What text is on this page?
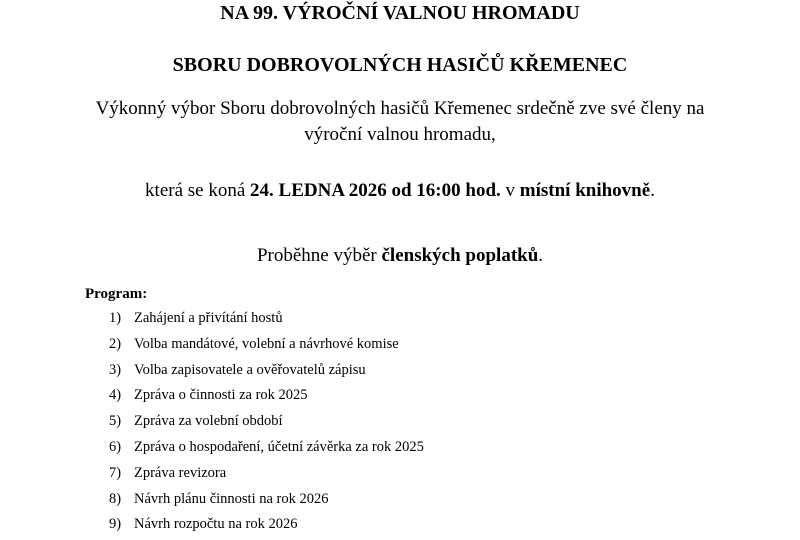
NA 99. VÝROČNÍ VALNOU HROMADU
SBORU DOBROVOLNÝCH HASIČŮ KŘEMENEC
Výkonný výbor Sboru dobrovolných hasičů Křemenec srdečně zve své členy na
výroční valnou hromadu,
která se koná 24. LEDNA 2026 od 16:00 hod. v místní knihovně.
Proběhne výběr členských poplatků.
Program:
1) Zahájení a přivítání hostů
2) Volba mandátové, volební a návrhové komise
3) Volba zapisovatele a ověřovatelů zápisu
4) Zpráva o činnosti za rok 2025
5) Zpráva za volební období
6) Zpráva o hospodaření, účetní závěrka za rok 2025
7) Zpráva revizora
8) Návrh plánu činnosti na rok 2026
9) Návrh rozpočtu na rok 2026
